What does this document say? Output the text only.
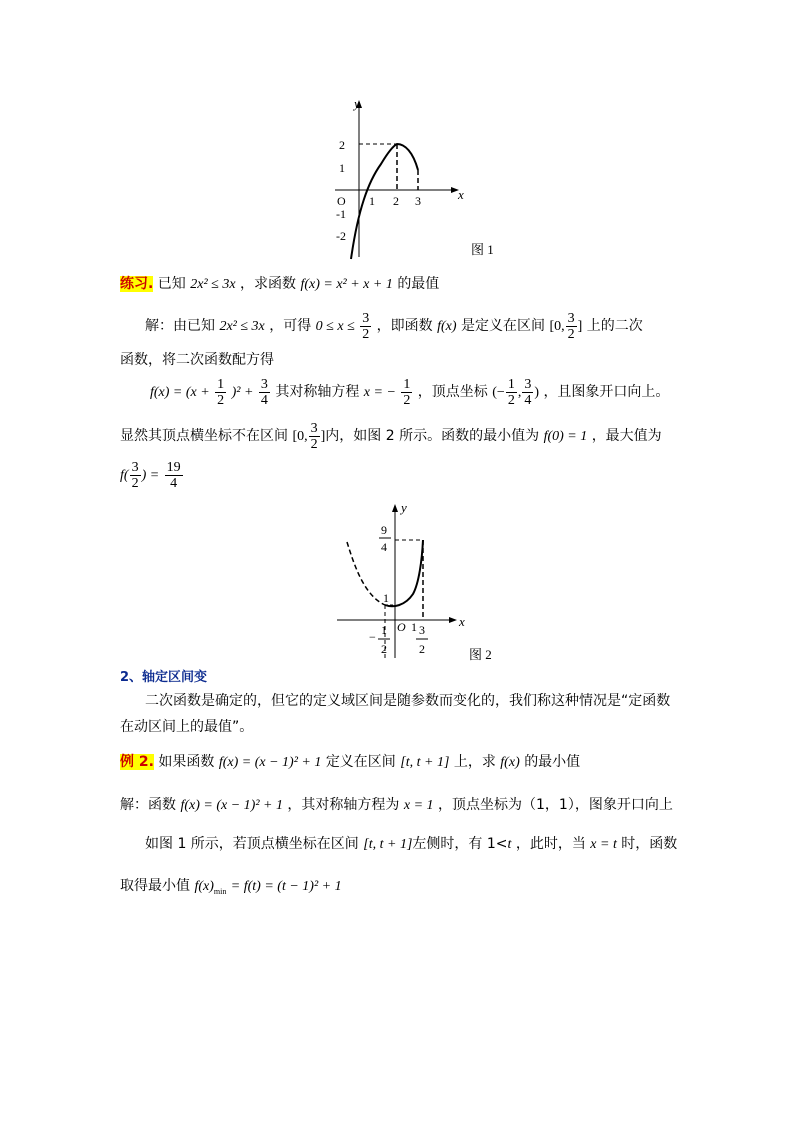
y
x
O
2
1
-1
-2
1 2 3
图 1
练习. 已知 2x² ≤ 3x ，求函数 f(x) = x² + x + 1 的最值
解：由已知 2x² ≤ 3x ，可得 $0 \le x \le \frac{3}{2}$ ，即函数 f(x) 是定义在区间 [0, $\frac{3}{2}$ ] 上的二次
函数，将二次函数配方得
$f(x) = (x + \frac{1}{2} )^2 + \frac{3}{4}$ 其对称轴方程 x = − $\frac{1}{2}$ ，顶点坐标 (− $\frac{1}{2}$ , $\frac{3}{4}$ ) ，且图象开口向上。
显然其顶点横坐标不在区间 [0, $\frac{3}{2}$ ]内，如图 2 所示。函数的最小值为 f(0) = 1 ，最大值为
$f( \frac{3}{2}$ ) = $\frac{19}{4}$
y
x
9
4
1
O 1
− 1
2
3
2	图 2
2、轴定区间变
二次函数是确定的，但它的定义域区间是随参数而变化的，我们称这种情况是“定函数
在动区间上的最值”。
例 2. 如果函数 f(x) = (x − 1)² + 1 定义在区间 [t, t + 1] 上，求 f(x) 的最小值
解：函数 f(x) = (x − 1)² + 1 ，其对称轴方程为 x = 1 ，顶点坐标为（1，1），图象开口向上
如图 1 所示，若顶点横坐标在区间 [t, t + 1]左侧时，有 1<t ，此时，当 x = t 时，函数
取得最小值 $f(x)_{min} = f(t) = (t - 1)^2 + 1$
